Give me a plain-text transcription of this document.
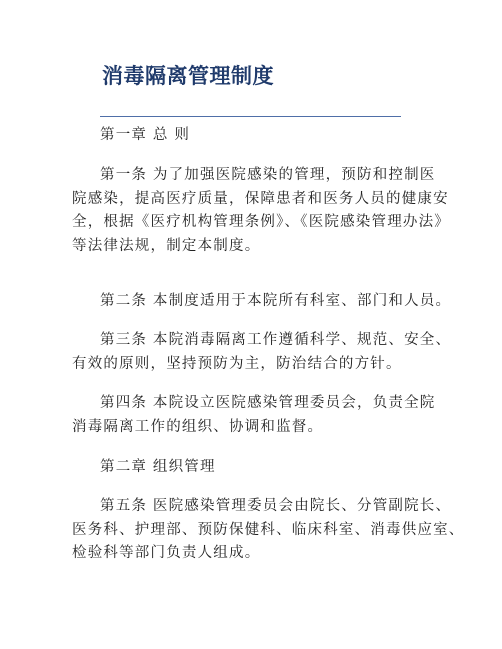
消毒隔离管理制度
第一章 总 则
第一条 为了加强医院感染的管理，预防和控制医
院感染，提高医疗质量，保障患者和医务人员的健康安
全，根据《医疗机构管理条例》、《医院感染管理办法》
等法律法规，制定本制度。
第二条 本制度适用于本院所有科室、部门和人员。
第三条 本院消毒隔离工作遵循科学、规范、安全、
有效的原则，坚持预防为主，防治结合的方针。
第四条 本院设立医院感染管理委员会，负责全院
消毒隔离工作的组织、协调和监督。
第二章 组织管理
第五条 医院感染管理委员会由院长、分管副院长、
医务科、护理部、预防保健科、临床科室、消毒供应室、
检验科等部门负责人组成。
